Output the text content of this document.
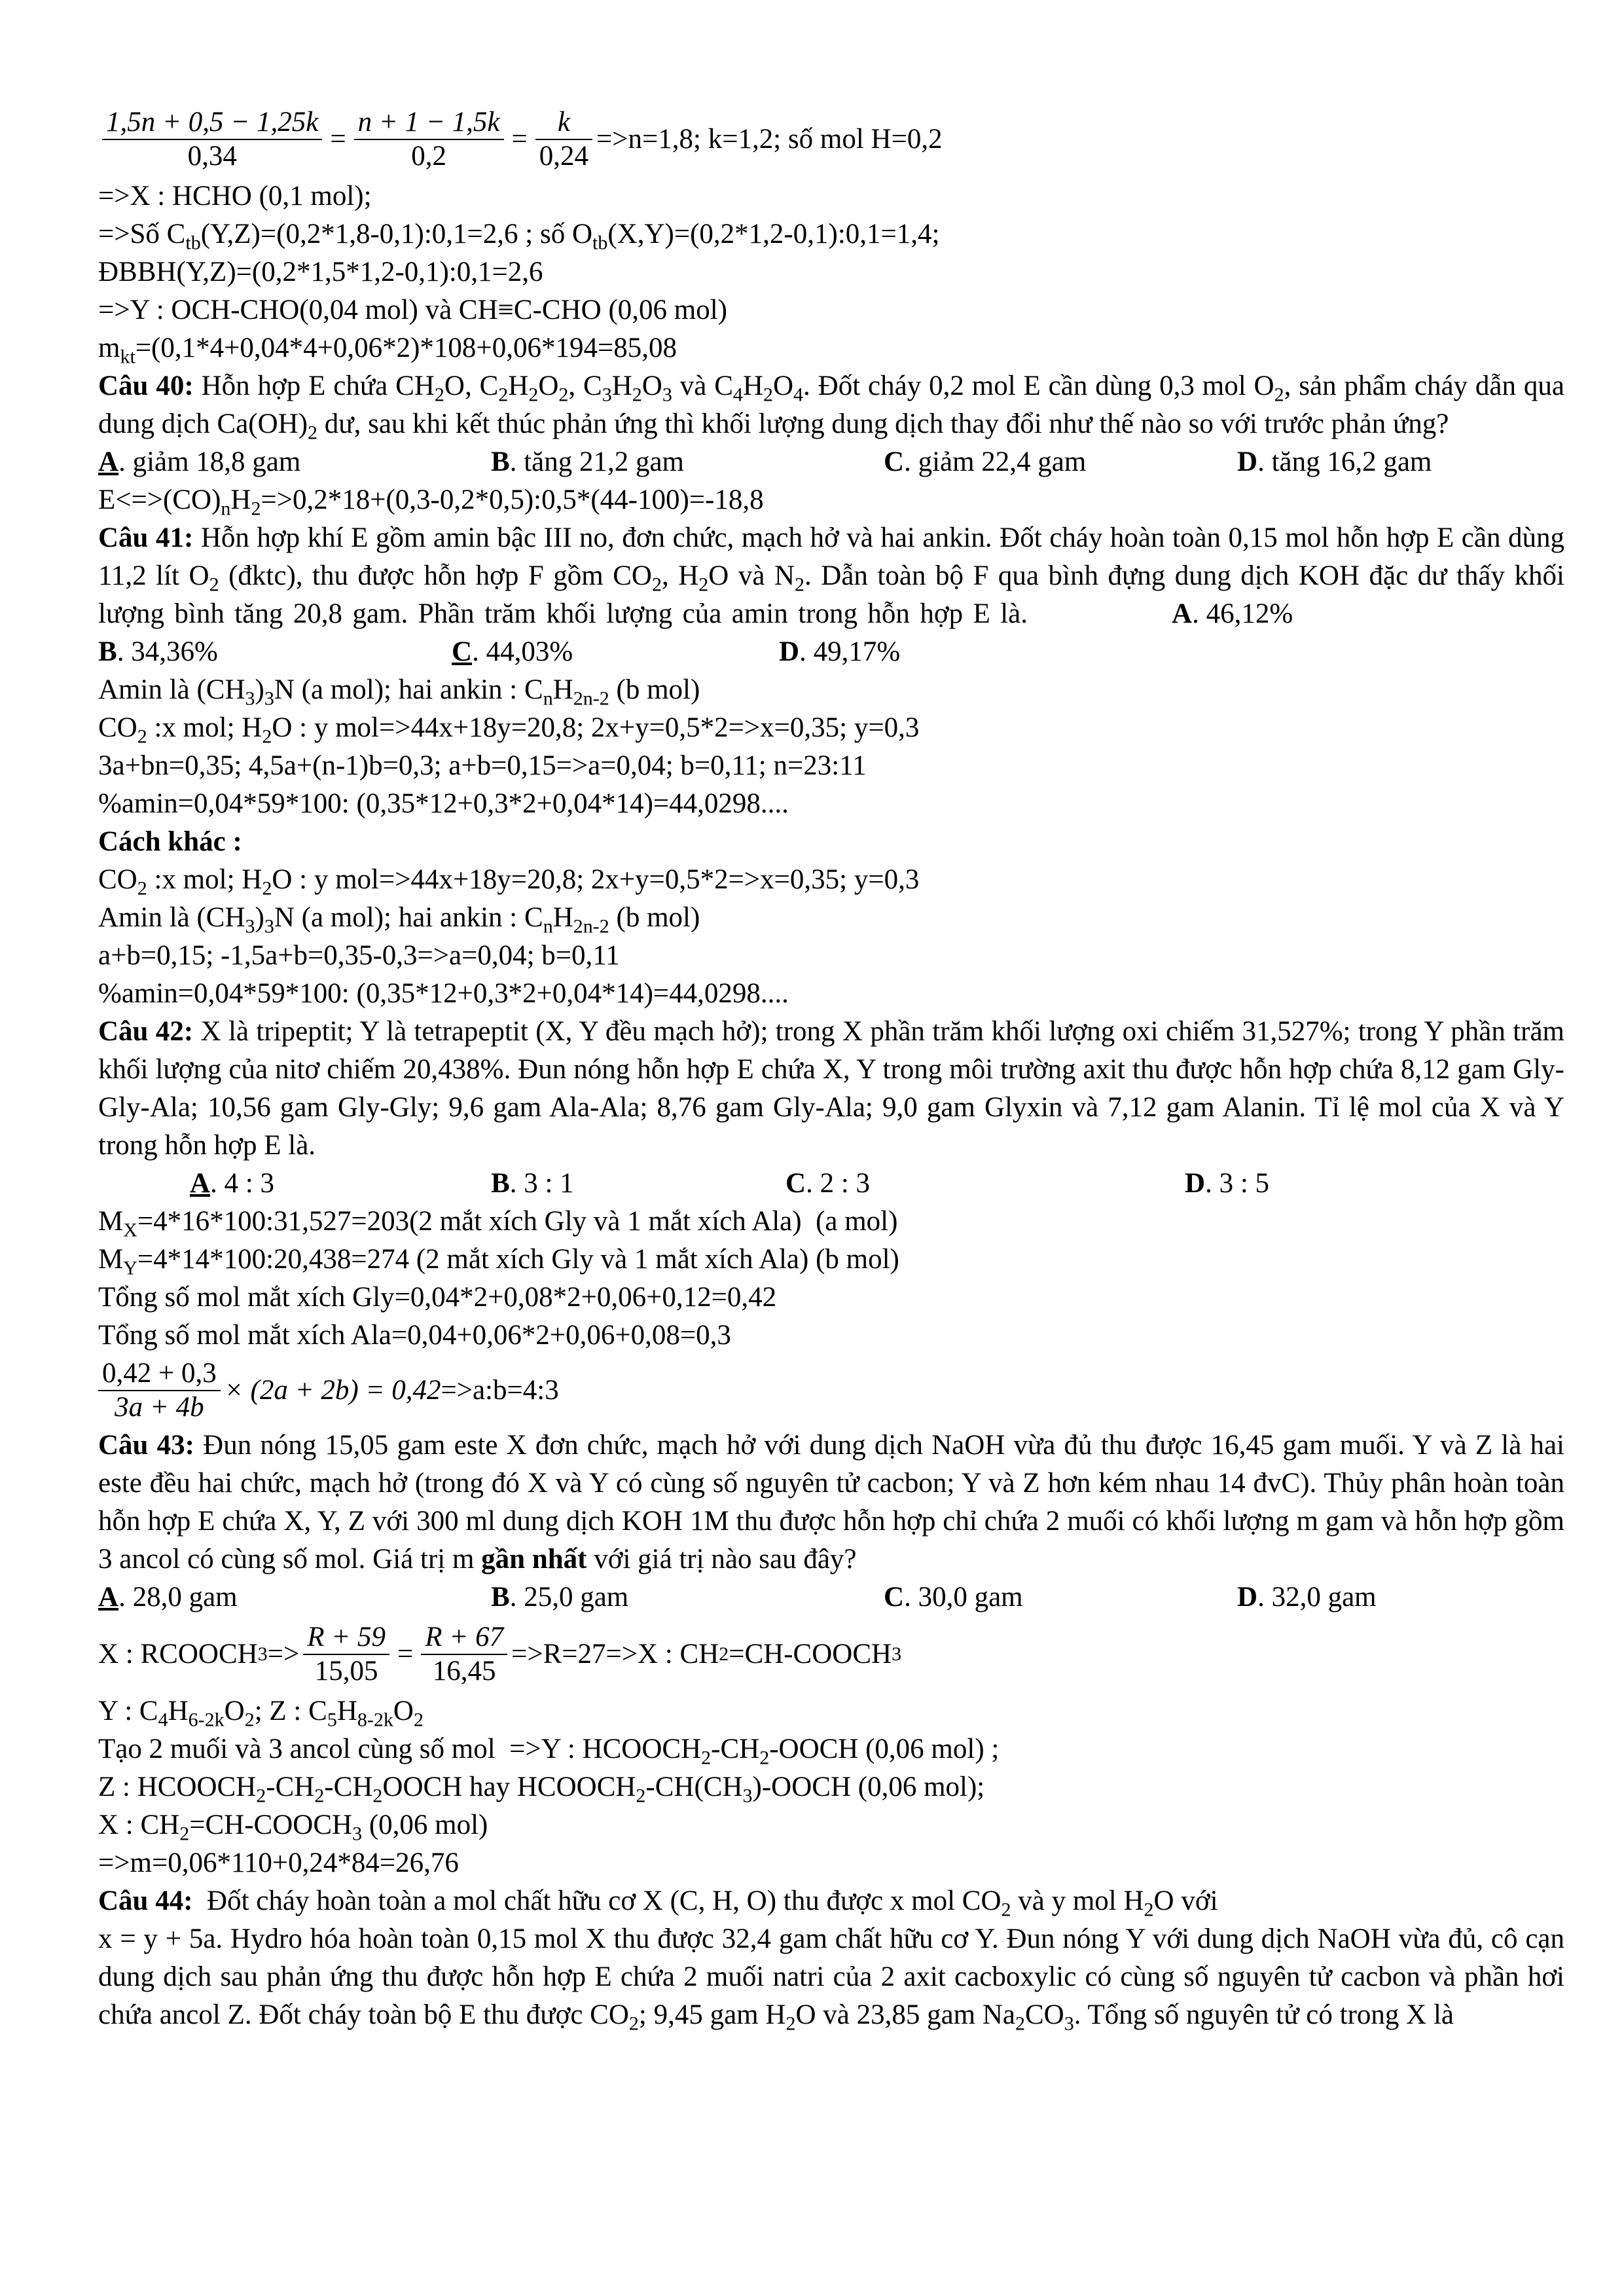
$\frac{1,5n + 0,5 - 1,25k}{0,34} = \frac{n + 1 - 1,5k}{0,2} = \frac{k}{0,24} =>n=1,8$; k=1,2; số mol H=0,2
=>X : HCHO (0,1 mol);
=>Số $C_{tb}(Y,Z)=(0,2*1,8-0,1):0,1=2,6$ ; số $O_{tb}(X,Y)=(0,2*1,2-0,1):0,1=1,4$;
ĐBBH(Y,Z)=(0,2*1,5*1,2-0,1):0,1=2,6
=>Y : OCH-CHO(0,04 mol) và CH≡C-CHO (0,06 mol)
$m_{kt}=(0,1*4+0,04*4+0,06*2)*108+0,06*194=85,08$
Câu 40: Hỗn hợp E chứa $CH_2O$, $C_2H_2O_2$, $C_3H_2O_3$ và $C_4H_2O_4$. Đốt cháy 0,2 mol E cần dùng 0,3 mol $O_2$, sản phẩm cháy dẫn qua dung dịch $Ca(OH)_2$ dư, sau khi kết thúc phản ứng thì khối lượng dung dịch thay đổi như thế nào so với trước phản ứng?
A. giảm 18,8 gam	B. tăng 21,2 gam	C. giảm 22,4 gam	D. tăng 16,2 gam
$E<=>(CO)_nH_2=>0,2*18+(0,3-0,2*0,5):0,5*(44-100)=-18,8$
Câu 41: Hỗn hợp khí E gồm amin bậc III no, đơn chức, mạch hở và hai ankin. Đốt cháy hoàn toàn 0,15 mol hỗn hợp E cần dùng 11,2 lít $O_2$ (đktc), thu được hỗn hợp F gồm $CO_2$, $H_2O$ và $N_2$. Dẫn toàn bộ F qua bình đựng dung dịch KOH đặc dư thấy khối lượng bình tăng 20,8 gam. Phần trăm khối lượng của amin trong hỗn hợp E là.	A. 46,12%B. 34,36%	C. 44,03%	D. 49,17%
Amin là $(CH_3)_3N$ (a mol); hai ankin : $C_nH_{2n-2}$ (b mol)
$CO_2$ :x mol; $H_2O$ : y mol=>44x+18y=20,8; 2x+y=0,5*2=>x=0,35; y=0,3
3a+bn=0,35; 4,5a+(n-1)b=0,3; a+b=0,15=>a=0,04; b=0,11; n=23:11
%amin=0,04*59*100: (0,35*12+0,3*2+0,04*14)=44,0298....
Cách khác :
$CO_2$ :x mol; $H_2O$ : y mol=>44x+18y=20,8; 2x+y=0,5*2=>x=0,35; y=0,3
Amin là $(CH_3)_3N$ (a mol); hai ankin : $C_nH_{2n-2}$ (b mol)
a+b=0,15; -1,5a+b=0,35-0,3=>a=0,04; b=0,11
%amin=0,04*59*100: (0,35*12+0,3*2+0,04*14)=44,0298....
Câu 42: X là tripeptit; Y là tetrapeptit (X, Y đều mạch hở); trong X phần trăm khối lượng oxi chiếm 31,527%; trong Y phần trăm khối lượng của nitơ chiếm 20,438%. Đun nóng hỗn hợp E chứa X, Y trong môi trường axit thu được hỗn hợp chứa 8,12 gam Gly-Gly-Ala; 10,56 gam Gly-Gly; 9,6 gam Ala-Ala; 8,76 gam Gly-Ala; 9,0 gam Glyxin và 7,12 gam Alanin. Tỉ lệ mol của X và Y trong hỗn hợp E là.
A. 4 : 3	B. 3 : 1	C. 2 : 3	D. 3 : 5
$M_X=4*16*100:31,527=203(2$ mắt xích Gly và 1 mắt xích Ala)  (a mol)
$M_Y=4*14*100:20,438=274$ (2 mắt xích Gly và 1 mắt xích Ala) (b mol)
Tổng số mol mắt xích Gly=0,04*2+0,08*2+0,06+0,12=0,42
Tổng số mol mắt xích Ala=0,04+0,06*2+0,06+0,08=0,3
$\frac{0,42 + 0,3}{3a + 4b} \times (2a + 2b) = 0,42$ =>a:b=4:3
Câu 43: Đun nóng 15,05 gam este X đơn chức, mạch hở với dung dịch NaOH vừa đủ thu được 16,45 gam muối. Y và Z là hai este đều hai chức, mạch hở (trong đó X và Y có cùng số nguyên tử cacbon; Y và Z hơn kém nhau 14 đvC). Thủy phân hoàn toàn hỗn hợp E chứa X, Y, Z với 300 ml dung dịch KOH 1M thu được hỗn hợp chỉ chứa 2 muối có khối lượng m gam và hỗn hợp gồm 3 ancol có cùng số mol. Giá trị m gần nhất với giá trị nào sau đây?
A. 28,0 gam	B. 25,0 gam	C. 30,0 gam	D. 32,0 gam
X : RCOOCH $3 => \frac{R + 59}{15,05} = \frac{R + 67}{16,45} =>R=27=>X$ : CH 2 =CH-COOCH 3
Y : $C_4H_{6-2k}O_2$; Z : $C_5H_{8-2k}O_2$
Tạo 2 muối và 3 ancol cùng số mol  =>Y : $HCOOCH_2-CH_2$-OOCH (0,06 mol) ;
Z : $HCOOCH_2-CH_2-CH_2OOCH$ hay $HCOOCH_2-CH(CH_3)$-OOCH (0,06 mol);
X : $CH_2=CH-COOCH_3$ (0,06 mol)
=>m=0,06*110+0,24*84=26,76
Câu 44:  Đốt cháy hoàn toàn a mol chất hữu cơ X (C, H, O) thu được x mol $CO_2$ và y mol $H_2O$ với
x = y + 5a. Hydro hóa hoàn toàn 0,15 mol X thu được 32,4 gam chất hữu cơ Y. Đun nóng Y với dung dịch NaOH vừa đủ, cô cạn dung dịch sau phản ứng thu được hỗn hợp E chứa 2 muối natri của 2 axit cacboxylic có cùng số nguyên tử cacbon và phần hơi chứa ancol Z. Đốt cháy toàn bộ E thu được $CO_2$; 9,45 gam $H_2O$ và 23,85 gam $Na_2CO_3$. Tổng số nguyên tử có trong X là
